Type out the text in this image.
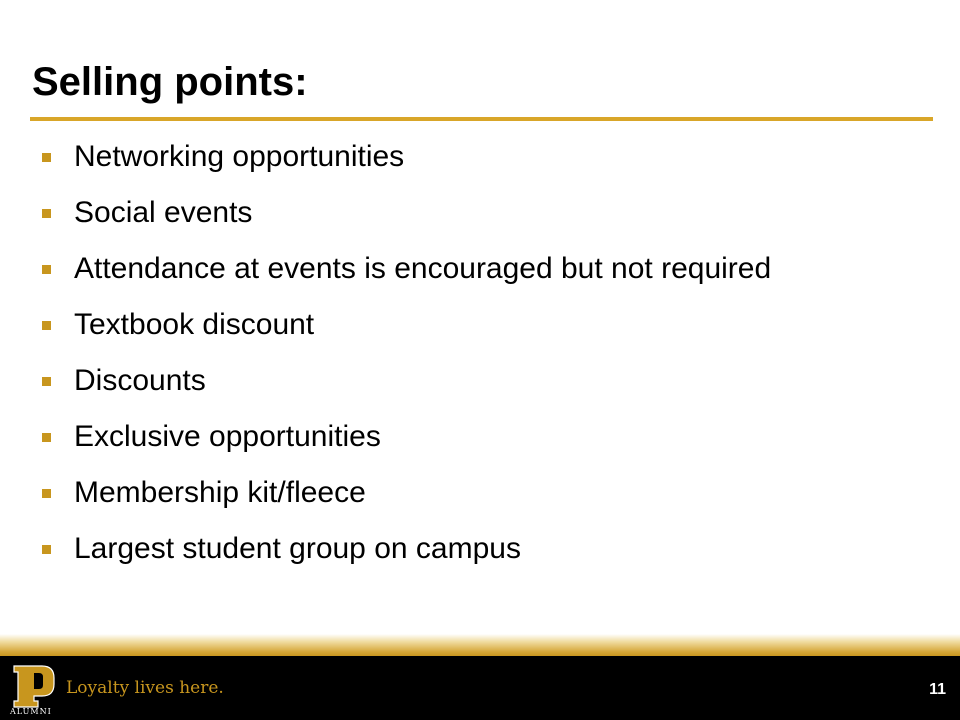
Selling points:
Networking opportunities
Social events
Attendance at events is encouraged but not required
Textbook discount
Discounts
Exclusive opportunities
Membership kit/fleece
Largest student group on campus
ALUMNI
Loyalty lives here.	11
